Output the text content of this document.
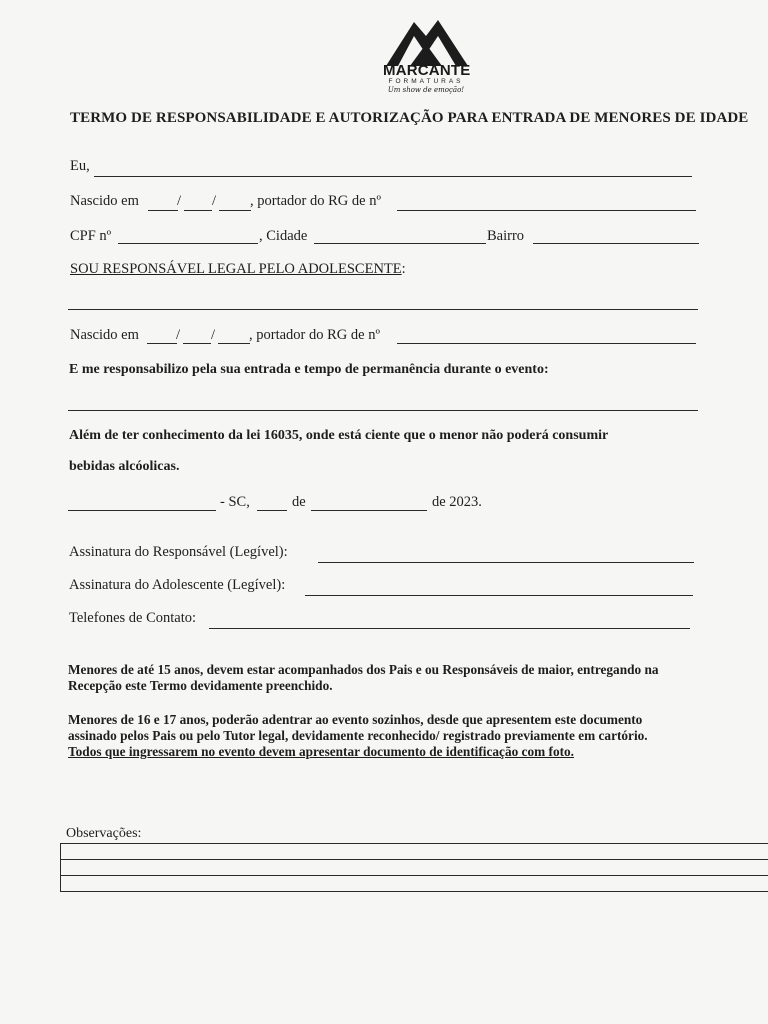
MARCANTE
FORMATURAS
Um show de emoção!
TERMO DE RESPONSABILIDADE E AUTORIZAÇÃO PARA ENTRADA DE MENORES DE IDADE
Eu,
Nascido em	/ / , portador do RG de nº
CPF nº	, Cidade	Bairro
SOU RESPONSÁVEL LEGAL PELO ADOLESCENTE:
Nascido em	/ / , portador do RG de nº
E me responsabilizo pela sua entrada e tempo de permanência durante o evento:
Além de ter conhecimento da lei 16035, onde está ciente que o menor não poderá consumir
bebidas alcóolicas.
- SC,	de	de 2023.
Assinatura do Responsável (Legível):
Assinatura do Adolescente (Legível):
Telefones de Contato:
Menores de até 15 anos, devem estar acompanhados dos Pais e ou Responsáveis de maior, entregando na
Recepção este Termo devidamente preenchido.
Menores de 16 e 17 anos, poderão adentrar ao evento sozinhos, desde que apresentem este documento
assinado pelos Pais ou pelo Tutor legal, devidamente reconhecido/ registrado previamente em cartório.
Todos que ingressarem no evento devem apresentar documento de identificação com foto.
Observações:
